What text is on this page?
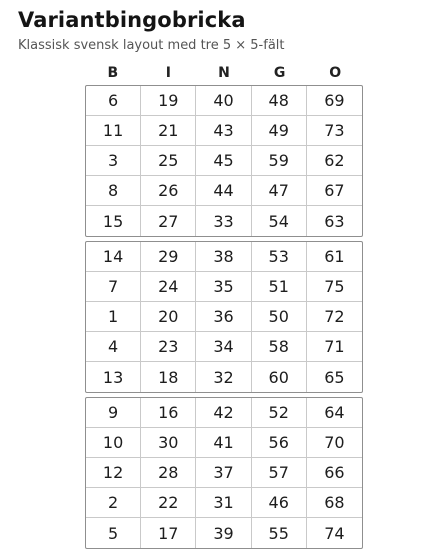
Variantbingobricka
Klassisk svensk layout med tre 5 × 5-fält
B	I	N	G	O
6	19	40	48	69
11	21	43	49	73
3	25	45	59	62
8	26	44	47	67
15	27	33	54	63
14	29	38	53	61
7	24	35	51	75
1	20	36	50	72
4	23	34	58	71
13	18	32	60	65
9	16	42	52	64
10	30	41	56	70
12	28	37	57	66
2	22	31	46	68
5	17	39	55	74
